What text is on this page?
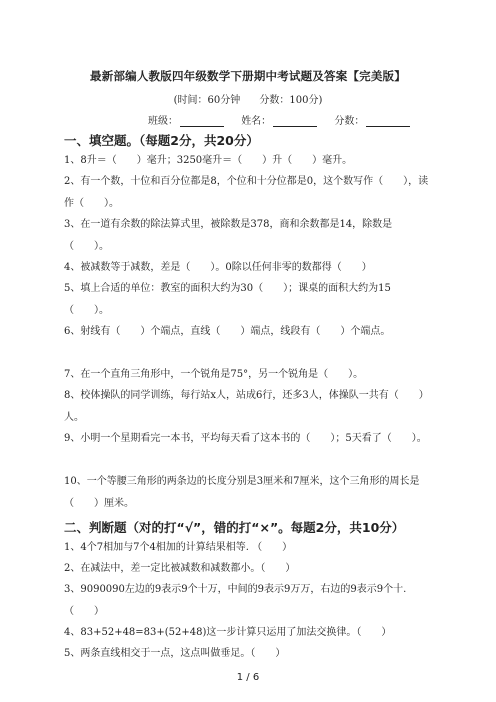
最新部编人教版四年级数学下册期中考试题及答案【完美版】
(时间：60分钟 分数：100分)
班级：	姓名：	分数：
一、填空题。（每题2分，共20分）
1、8升＝（　　）毫升；3250毫升＝（　　）升（　　）毫升。
2、有一个数，十位和百分位都是8，个位和十分位都是0，这个数写作（　　），读作（　　）。
3、在一道有余数的除法算式里，被除数是378，商和余数都是14，除数是（　　）。
4、被减数等于减数，差是（　　）。0除以任何非零的数都得（　　）
5、填上合适的单位：教室的面积大约为30（　　）；课桌的面积大约为15（　　）。
6、射线有（　　）个端点，直线（　　）端点，线段有（　　）个端点。
7、在一个直角三角形中，一个锐角是75°，另一个锐角是（　　）。
8、校体操队的同学训练，每行站x人，站成6行，还多3人，体操队一共有（　　）人。
9、小明一个星期看完一本书，平均每天看了这本书的（　　）；5天看了（　　）。
10、一个等腰三角形的两条边的长度分别是3厘米和7厘米，这个三角形的周长是（　　）厘米。
二、判断题（对的打“√”，错的打“×”。每题2分，共10分）
1、4个7相加与7个4相加的计算结果相等. （　　）
2、在减法中，差一定比被减数和减数都小。（　　）
3、9090090左边的9表示9个十万，中间的9表示9万万，右边的9表示9个十. （　　）
4、83+52+48=83+(52+48)这一步计算只运用了加法交换律。（　　）
5、两条直线相交于一点，这点叫做垂足。（　　）
1 / 6
